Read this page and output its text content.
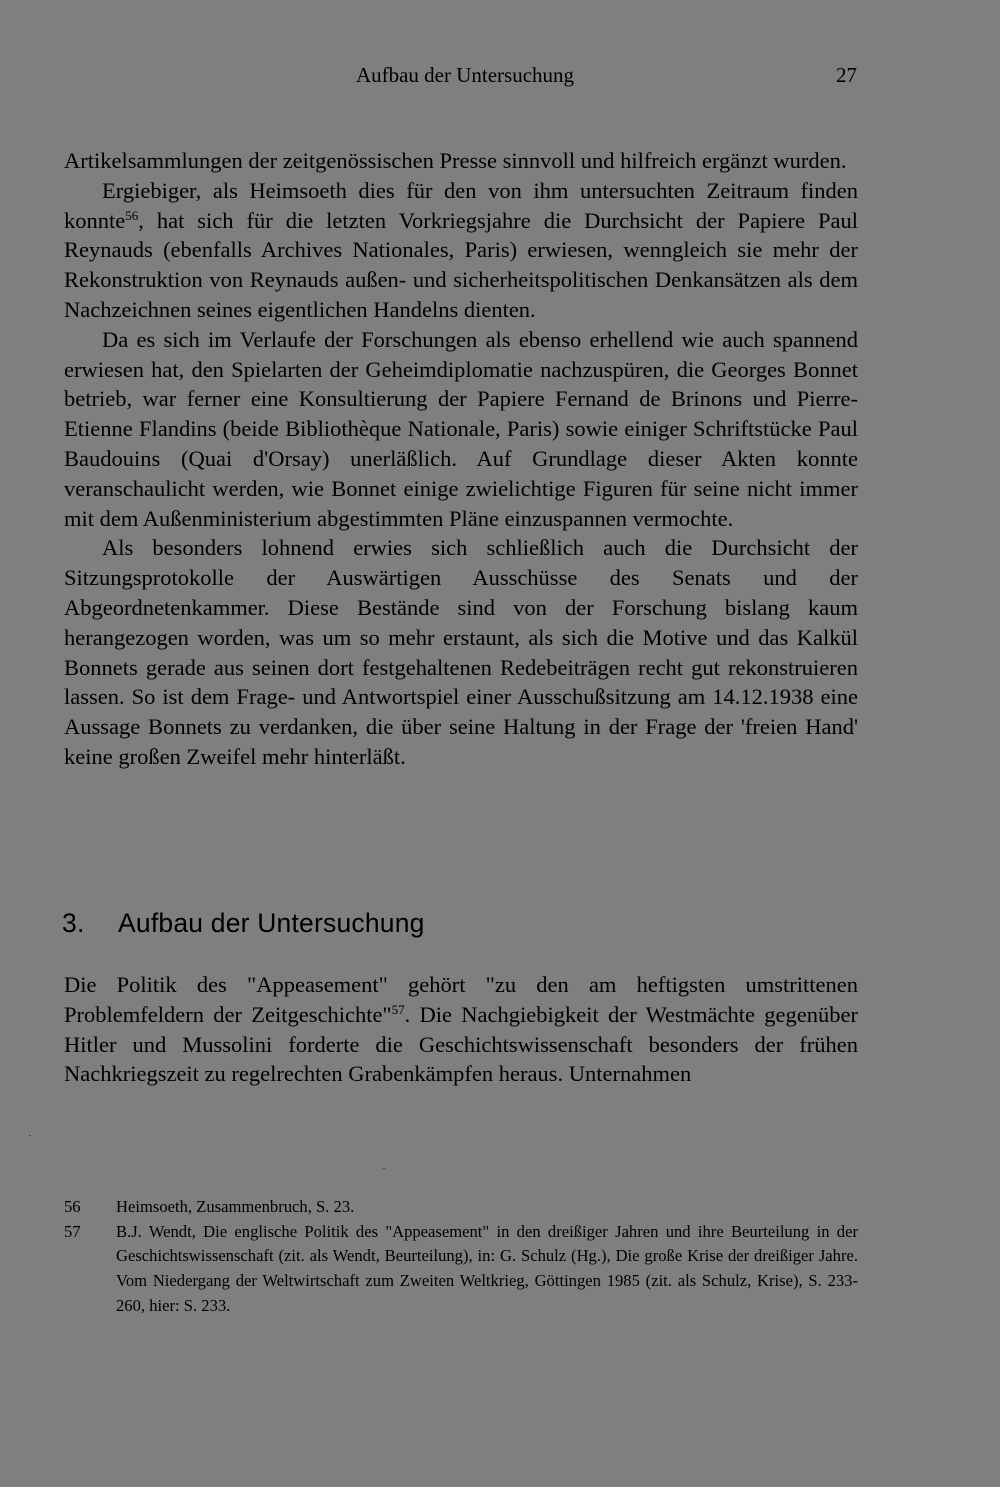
Aufbau der Untersuchung	27

Artikelsammlungen der zeitgenössischen Presse sinnvoll und hilfreich ergänzt wurden.

Ergiebiger, als Heimsoeth dies für den von ihm untersuchten Zeitraum finden konnte$^{56}$, hat sich für die letzten Vorkriegsjahre die Durchsicht der Papiere Paul Reynauds (ebenfalls Archives Nationales, Paris) erwiesen, wenngleich sie mehr der Rekonstruktion von Reynauds außen- und sicherheitspolitischen Denkansätzen als dem Nachzeichnen seines eigentlichen Handelns dienten.

Da es sich im Verlaufe der Forschungen als ebenso erhellend wie auch spannend erwiesen hat, den Spielarten der Geheimdiplomatie nachzuspüren, die Georges Bonnet betrieb, war ferner eine Konsultierung der Papiere Fernand de Brinons und Pierre-Etienne Flandins (beide Bibliothèque Nationale, Paris) sowie einiger Schriftstücke Paul Baudouins (Quai d'Orsay) unerläßlich. Auf Grundlage dieser Akten konnte veranschaulicht werden, wie Bonnet einige zwielichtige Figuren für seine nicht immer mit dem Außenministerium abgestimmten Pläne einzuspannen vermochte.

Als besonders lohnend erwies sich schließlich auch die Durchsicht der Sitzungsprotokolle der Auswärtigen Ausschüsse des Senats und der Abgeordnetenkammer. Diese Bestände sind von der Forschung bislang kaum herangezogen worden, was um so mehr erstaunt, als sich die Motive und das Kalkül Bonnets gerade aus seinen dort festgehaltenen Redebeiträgen recht gut rekonstruieren lassen. So ist dem Frage- und Antwortspiel einer Ausschußsitzung am 14.12.1938 eine Aussage Bonnets zu verdanken, die über seine Haltung in der Frage der 'freien Hand' keine großen Zweifel mehr hinterläßt.

3. Aufbau der Untersuchung

Die Politik des "Appeasement" gehört "zu den am heftigsten umstrittenen Problemfeldern der Zeitgeschichte"$^{57}$. Die Nachgiebigkeit der Westmächte gegenüber Hitler und Mussolini forderte die Geschichtswissenschaft besonders der frühen Nachkriegszeit zu regelrechten Grabenkämpfen heraus. Unternahmen

56	Heimsoeth, Zusammenbruch, S. 23.
57	B.J. Wendt, Die englische Politik des "Appeasement" in den dreißiger Jahren und ihre Beurteilung in der Geschichtswissenschaft (zit. als Wendt, Beurteilung), in: G. Schulz (Hg.), Die große Krise der dreißiger Jahre. Vom Niedergang der Weltwirtschaft zum Zweiten Weltkrieg, Göttingen 1985 (zit. als Schulz, Krise), S. 233-260, hier: S. 233.
